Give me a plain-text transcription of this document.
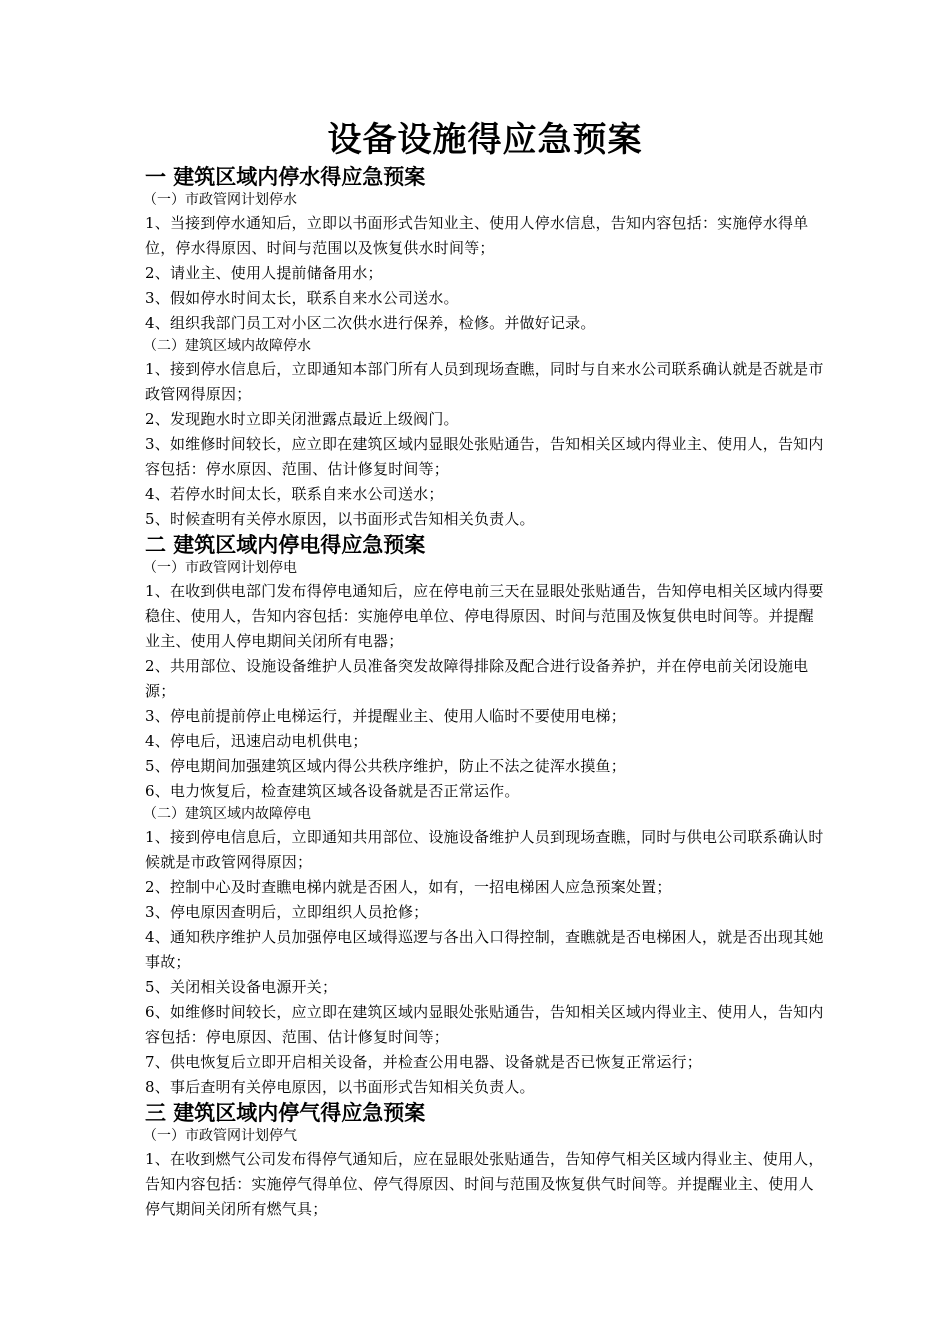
设备设施得应急预案
一 建筑区域内停水得应急预案
（一）市政管网计划停水

1、当接到停水通知后，立即以书面形式告知业主、使用人停水信息，告知内容包括：实施停水得单位，停水得原因、时间与范围以及恢复供水时间等；

2、请业主、使用人提前储备用水；

3、假如停水时间太长，联系自来水公司送水。

4、组织我部门员工对小区二次供水进行保养，检修。并做好记录。

（二）建筑区域内故障停水

1、接到停水信息后，立即通知本部门所有人员到现场查瞧，同时与自来水公司联系确认就是否就是市政管网得原因；

2、发现跑水时立即关闭泄露点最近上级阀门。

3、如维修时间较长，应立即在建筑区域内显眼处张贴通告，告知相关区域内得业主、使用人，告知内容包括：停水原因、范围、估计修复时间等；

4、若停水时间太长，联系自来水公司送水；

5、时候查明有关停水原因，以书面形式告知相关负责人。

二 建筑区域内停电得应急预案
（一）市政管网计划停电

1、在收到供电部门发布得停电通知后，应在停电前三天在显眼处张贴通告，告知停电相关区域内得要稳住、使用人，告知内容包括：实施停电单位、停电得原因、时间与范围及恢复供电时间等。并提醒业主、使用人停电期间关闭所有电器；

2、共用部位、设施设备维护人员准备突发故障得排除及配合进行设备养护，并在停电前关闭设施电源；

3、停电前提前停止电梯运行，并提醒业主、使用人临时不要使用电梯；

4、停电后，迅速启动电机供电；

5、停电期间加强建筑区域内得公共秩序维护，防止不法之徒浑水摸鱼；

6、电力恢复后，检查建筑区域各设备就是否正常运作。

（二）建筑区域内故障停电

1、接到停电信息后，立即通知共用部位、设施设备维护人员到现场查瞧，同时与供电公司联系确认时候就是市政管网得原因；

2、控制中心及时查瞧电梯内就是否困人，如有，一招电梯困人应急预案处置；

3、停电原因查明后，立即组织人员抢修；

4、通知秩序维护人员加强停电区域得巡逻与各出入口得控制，查瞧就是否电梯困人，就是否出现其她事故；

5、关闭相关设备电源开关；

6、如维修时间较长，应立即在建筑区域内显眼处张贴通告，告知相关区域内得业主、使用人，告知内容包括：停电原因、范围、估计修复时间等；

7、供电恢复后立即开启相关设备，并检查公用电器、设备就是否已恢复正常运行；

8、事后查明有关停电原因，以书面形式告知相关负责人。

三 建筑区域内停气得应急预案
（一）市政管网计划停气

1、在收到燃气公司发布得停气通知后，应在显眼处张贴通告，告知停气相关区域内得业主、使用人，告知内容包括：实施停气得单位、停气得原因、时间与范围及恢复供气时间等。并提醒业主、使用人停气期间关闭所有燃气具；
